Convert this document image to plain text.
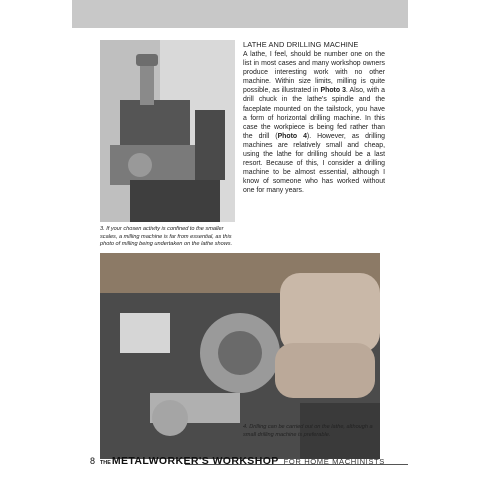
3. If your chosen activity is confined to the smaller scales, a milling machine is far from essential, as this photo of milling being undertaken on the lathe shows.
LATHE AND DRILLING MACHINE

A lathe, I feel, should be number one on the list in most cases and many workshop owners produce interesting work with no other machine. Within size limits, milling is quite possible, as illustrated in Photo 3. Also, with a drill chuck in the lathe's spindle and the faceplate mounted on the tailstock, you have a form of horizontal drilling machine. In this case the workpiece is being fed rather than the drill (Photo 4). However, as drilling machines are relatively small and cheap, using the lathe for drilling should be a last resort. Because of this, I consider a drilling machine to be almost essential, although I know of someone who has worked without one for many years.

4. Drilling can be carried out on the lathe, although a small drilling machine is preferable.
8 THE METALWORKER'S WORKSHOP FOR HOME MACHINISTS
